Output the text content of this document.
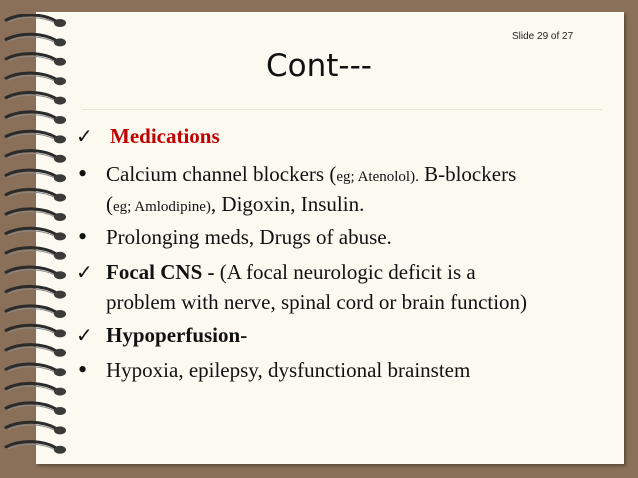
Slide 29 of 27
Cont---
✓ Medications
• Calcium channel blockers (eg; Atenolol). B-blockers
(eg; Amlodipine), Digoxin, Insulin.
• Prolonging meds, Drugs of abuse.
✓ Focal CNS - (A focal neurologic deficit is a
problem with nerve, spinal cord or brain function)
✓ Hypoperfusion-
• Hypoxia, epilepsy, dysfunctional brainstem
